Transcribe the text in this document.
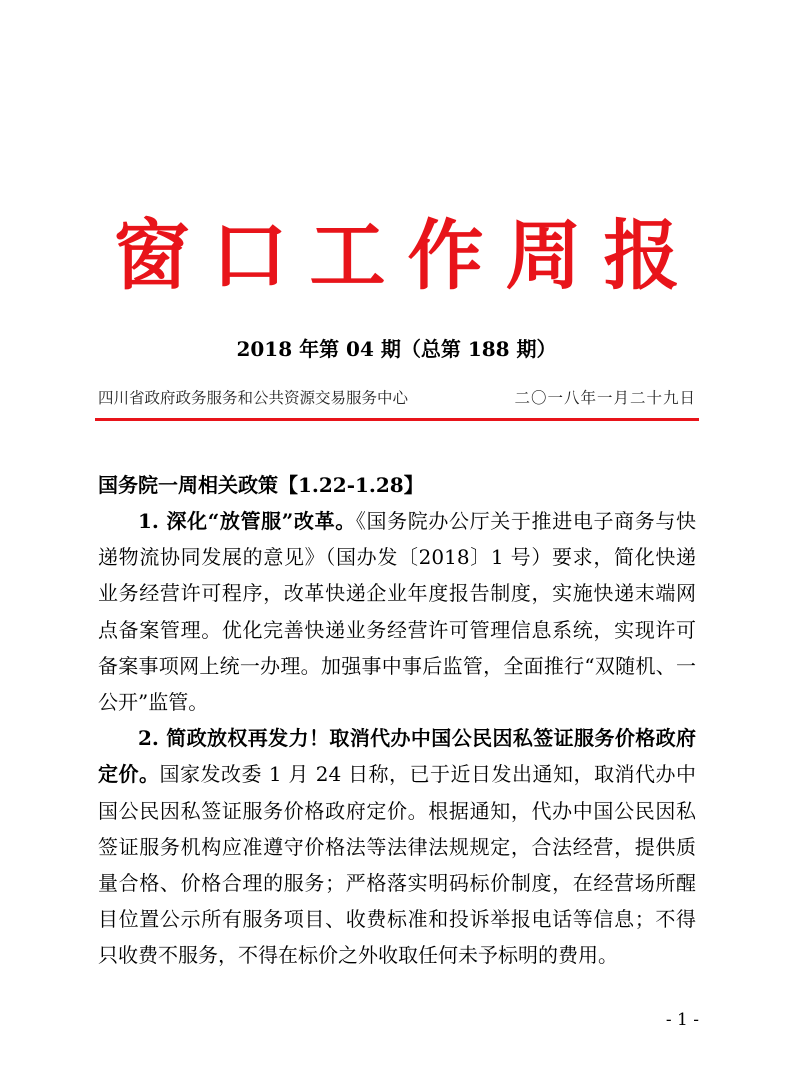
窗口工作周报
2018 年第 04 期（总第 188 期）
四川省政府政务服务和公共资源交易服务中心	二〇一八年一月二十九日
国务院一周相关政策【1.22-1.28】

1. 深化“放管服”改革。《国务院办公厅关于推进电子商务与快递物流协同发展的意见》（国办发〔2018〕1 号）要求，简化快递业务经营许可程序，改革快递企业年度报告制度，实施快递末端网点备案管理。优化完善快递业务经营许可管理信息系统，实现许可备案事项网上统一办理。加强事中事后监管，全面推行“双随机、一公开”监管。

2. 简政放权再发力！取消代办中国公民因私签证服务价格政府定价。国家发改委 1 月 24 日称，已于近日发出通知，取消代办中国公民因私签证服务价格政府定价。根据通知，代办中国公民因私签证服务机构应准遵守价格法等法律法规规定，合法经营，提供质量合格、价格合理的服务；严格落实明码标价制度，在经营场所醒目位置公示所有服务项目、收费标准和投诉举报电话等信息；不得只收费不服务，不得在标价之外收取任何未予标明的费用。

- 1 -
